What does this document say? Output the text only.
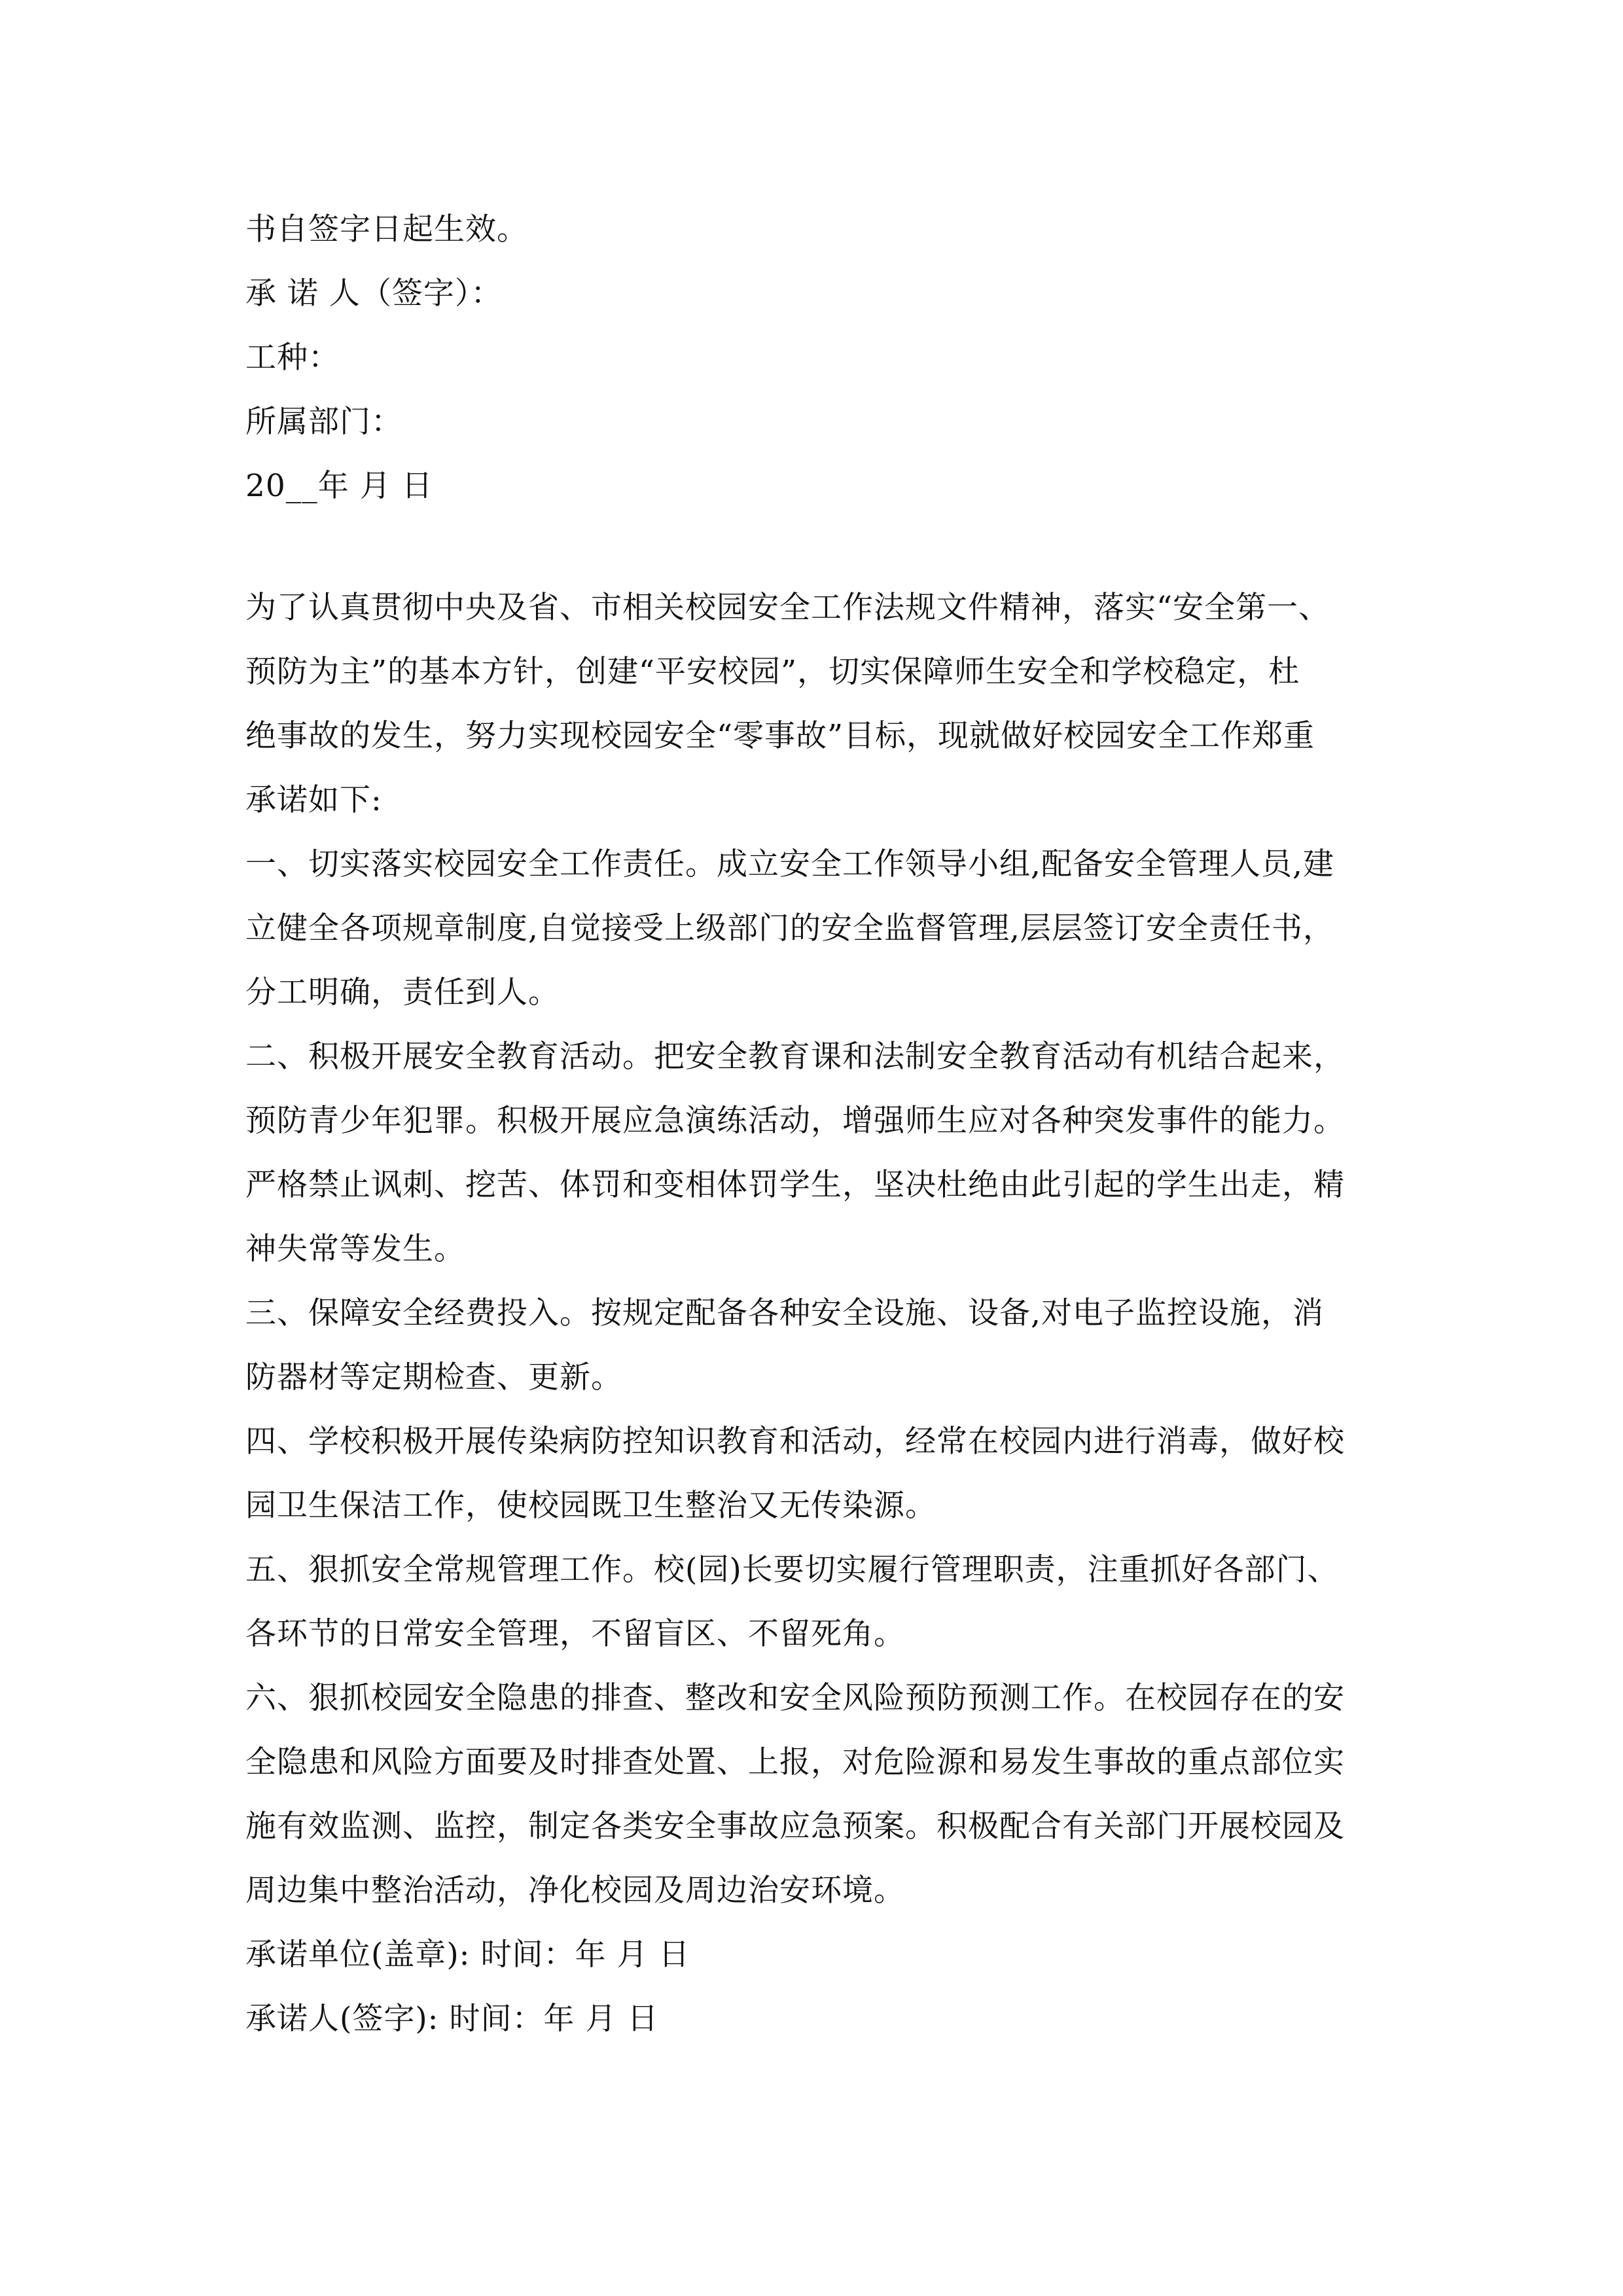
书自签字日起生效。
承 诺 人（签字）：
工种：
所属部门：
20__年 月 日
为了认真贯彻中央及省、市相关校园安全工作法规文件精神，落实“安全第一、
预防为主”的基本方针，创建“平安校园”，切实保障师生安全和学校稳定，杜
绝事故的发生，努力实现校园安全“零事故”目标，现就做好校园安全工作郑重
承诺如下:
一、切实落实校园安全工作责任。成立安全工作领导小组,配备安全管理人员,建
立健全各项规章制度,自觉接受上级部门的安全监督管理,层层签订安全责任书，
分工明确，责任到人。
二、积极开展安全教育活动。把安全教育课和法制安全教育活动有机结合起来，
预防青少年犯罪。积极开展应急演练活动，增强师生应对各种突发事件的能力。
严格禁止讽刺、挖苦、体罚和变相体罚学生，坚决杜绝由此引起的学生出走，精
神失常等发生。
三、保障安全经费投入。按规定配备各种安全设施、设备,对电子监控设施，消
防器材等定期检查、更新。
四、学校积极开展传染病防控知识教育和活动，经常在校园内进行消毒，做好校
园卫生保洁工作，使校园既卫生整治又无传染源。
五、狠抓安全常规管理工作。校(园)长要切实履行管理职责，注重抓好各部门、
各环节的日常安全管理，不留盲区、不留死角。
六、狠抓校园安全隐患的排查、整改和安全风险预防预测工作。在校园存在的安
全隐患和风险方面要及时排查处置、上报，对危险源和易发生事故的重点部位实
施有效监测、监控，制定各类安全事故应急预案。积极配合有关部门开展校园及
周边集中整治活动，净化校园及周边治安环境。
承诺单位(盖章): 时间：年 月 日
承诺人(签字): 时间：年 月 日
